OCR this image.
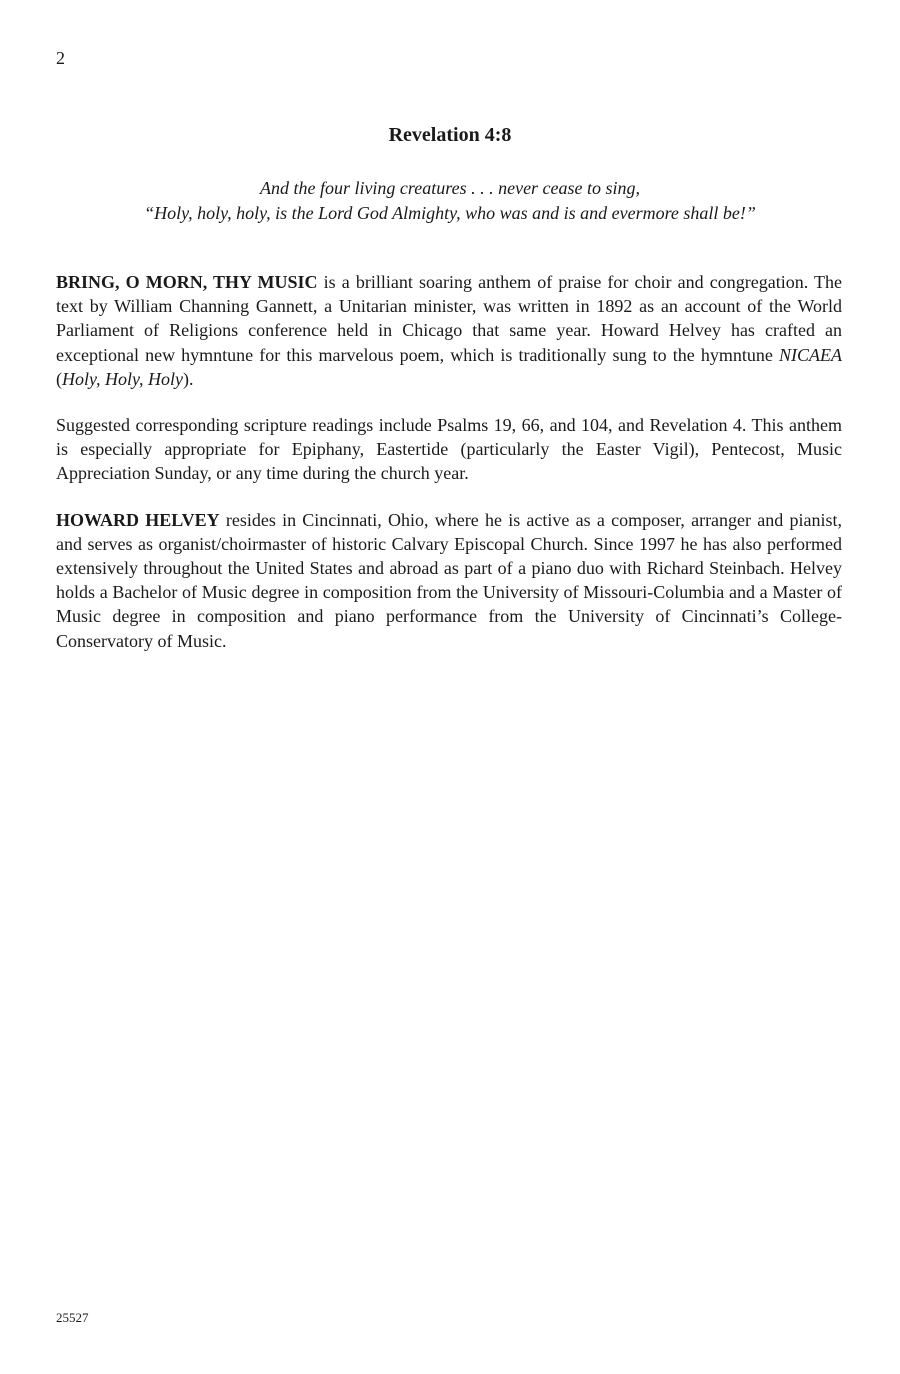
2
Revelation 4:8
And the four living creatures . . . never cease to sing,
“Holy, holy, holy, is the Lord God Almighty, who was and is and evermore shall be!”

BRING, O MORN, THY MUSIC is a brilliant soaring anthem of praise for choir and congregation. The text by William Channing Gannett, a Unitarian minister, was written in 1892 as an account of the World Parliament of Religions conference held in Chicago that same year. Howard Helvey has crafted an exceptional new hymntune for this marvelous poem, which is traditionally sung to the hymntune NICAEA (Holy, Holy, Holy).

Suggested corresponding scripture readings include Psalms 19, 66, and 104, and Revelation 4. This anthem is especially appropriate for Epiphany, Eastertide (particularly the Easter Vigil), Pentecost, Music Appreciation Sunday, or any time during the church year.

HOWARD HELVEY resides in Cincinnati, Ohio, where he is active as a composer, arranger and pianist, and serves as organist/choirmaster of historic Calvary Episcopal Church. Since 1997 he has also performed extensively throughout the United States and abroad as part of a piano duo with Richard Steinbach. Helvey holds a Bachelor of Music degree in composition from the University of Missouri-Columbia and a Master of Music degree in composition and piano performance from the University of Cincinnati’s College-Conservatory of Music.

25527
